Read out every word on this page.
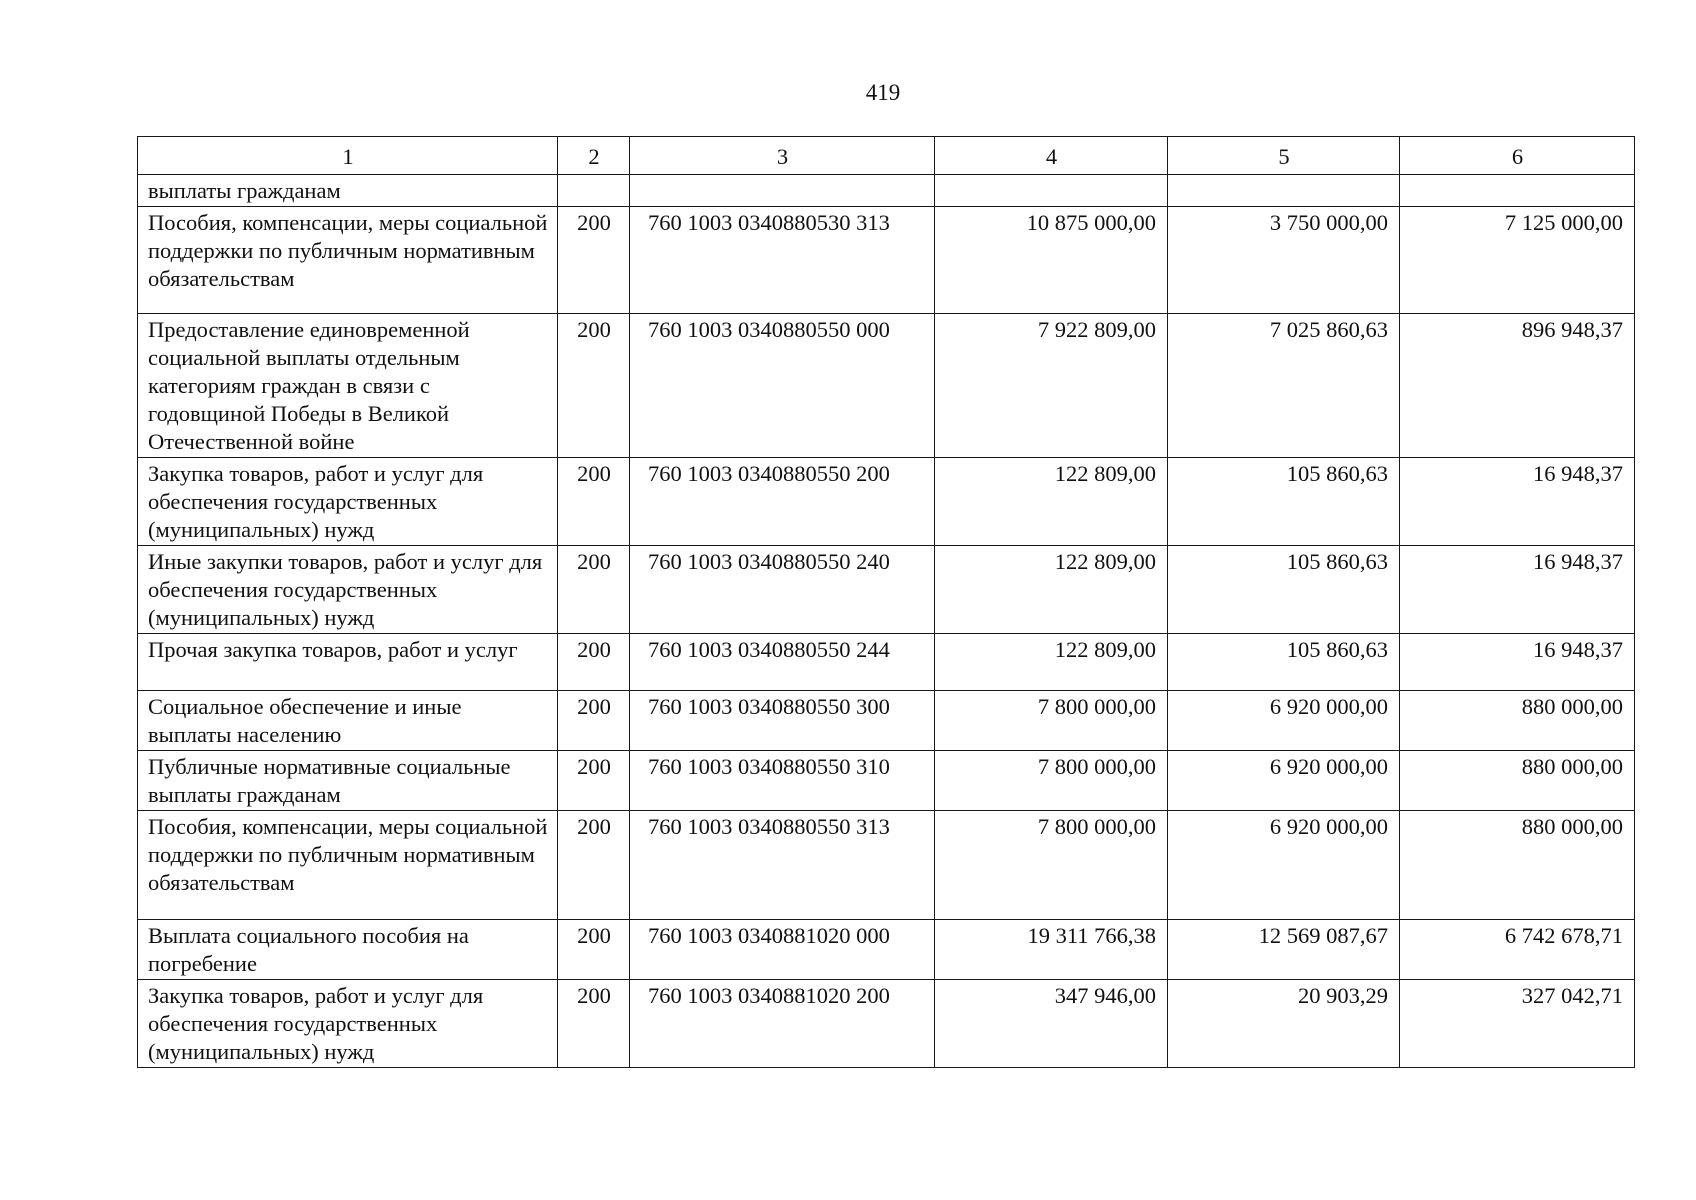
419
1	2	3	4	5	6
выплаты гражданам					
Пособия, компенсации, меры социальной поддержки по публичным нормативным обязательствам	200	760 1003 0340880530 313	10 875 000,00	3 750 000,00	7 125 000,00
Предоставление единовременной социальной выплаты отдельным категориям граждан в связи с годовщиной Победы в Великой Отечественной войне	200	760 1003 0340880550 000	7 922 809,00	7 025 860,63	896 948,37
Закупка товаров, работ и услуг для обеспечения государственных (муниципальных) нужд	200	760 1003 0340880550 200	122 809,00	105 860,63	16 948,37
Иные закупки товаров, работ и услуг для обеспечения государственных (муниципальных) нужд	200	760 1003 0340880550 240	122 809,00	105 860,63	16 948,37
Прочая закупка товаров, работ и услуг	200	760 1003 0340880550 244	122 809,00	105 860,63	16 948,37
Социальное обеспечение и иные выплаты населению	200	760 1003 0340880550 300	7 800 000,00	6 920 000,00	880 000,00
Публичные нормативные социальные выплаты гражданам	200	760 1003 0340880550 310	7 800 000,00	6 920 000,00	880 000,00
Пособия, компенсации, меры социальной поддержки по публичным нормативным обязательствам	200	760 1003 0340880550 313	7 800 000,00	6 920 000,00	880 000,00
Выплата социального пособия на погребение	200	760 1003 0340881020 000	19 311 766,38	12 569 087,67	6 742 678,71
Закупка товаров, работ и услуг для обеспечения государственных (муниципальных) нужд	200	760 1003 0340881020 200	347 946,00	20 903,29	327 042,71
